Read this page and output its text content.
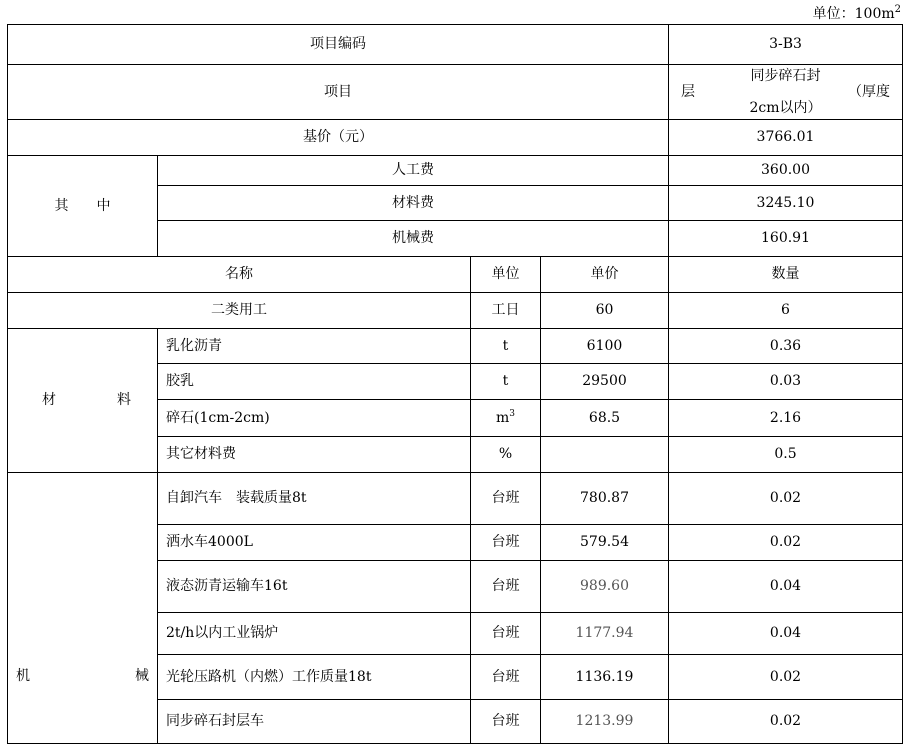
单位：$100m^2$
项目编码				3-B3
项目				同步碎石封
层 （厚度
2cm以内）

基价（元）				3766.01

其 中	人工费			360.00
	材料费			3245.10
	机械费			160.91
名称		单位	单价	数量
二类用工		工日	60	6

材 料	乳化沥青	t	6100	0.36
	胶乳	t	29500	0.03
	碎石(1cm-2cm)	$m^3$	68.5	2.16
	其它材料费	%		0.5

机 械	自卸汽车　装载质量8t	台班	780.87	0.02
	洒水车4000L	台班	579.54	0.02
	液态沥青运输车16t	台班	989.60	0.04
	2t/h以内工业锅炉	台班	1177.94	0.04
	光轮压路机（内燃）工作质量18t	台班	1136.19	0.02
	同步碎石封层车	台班	1213.99	0.02
